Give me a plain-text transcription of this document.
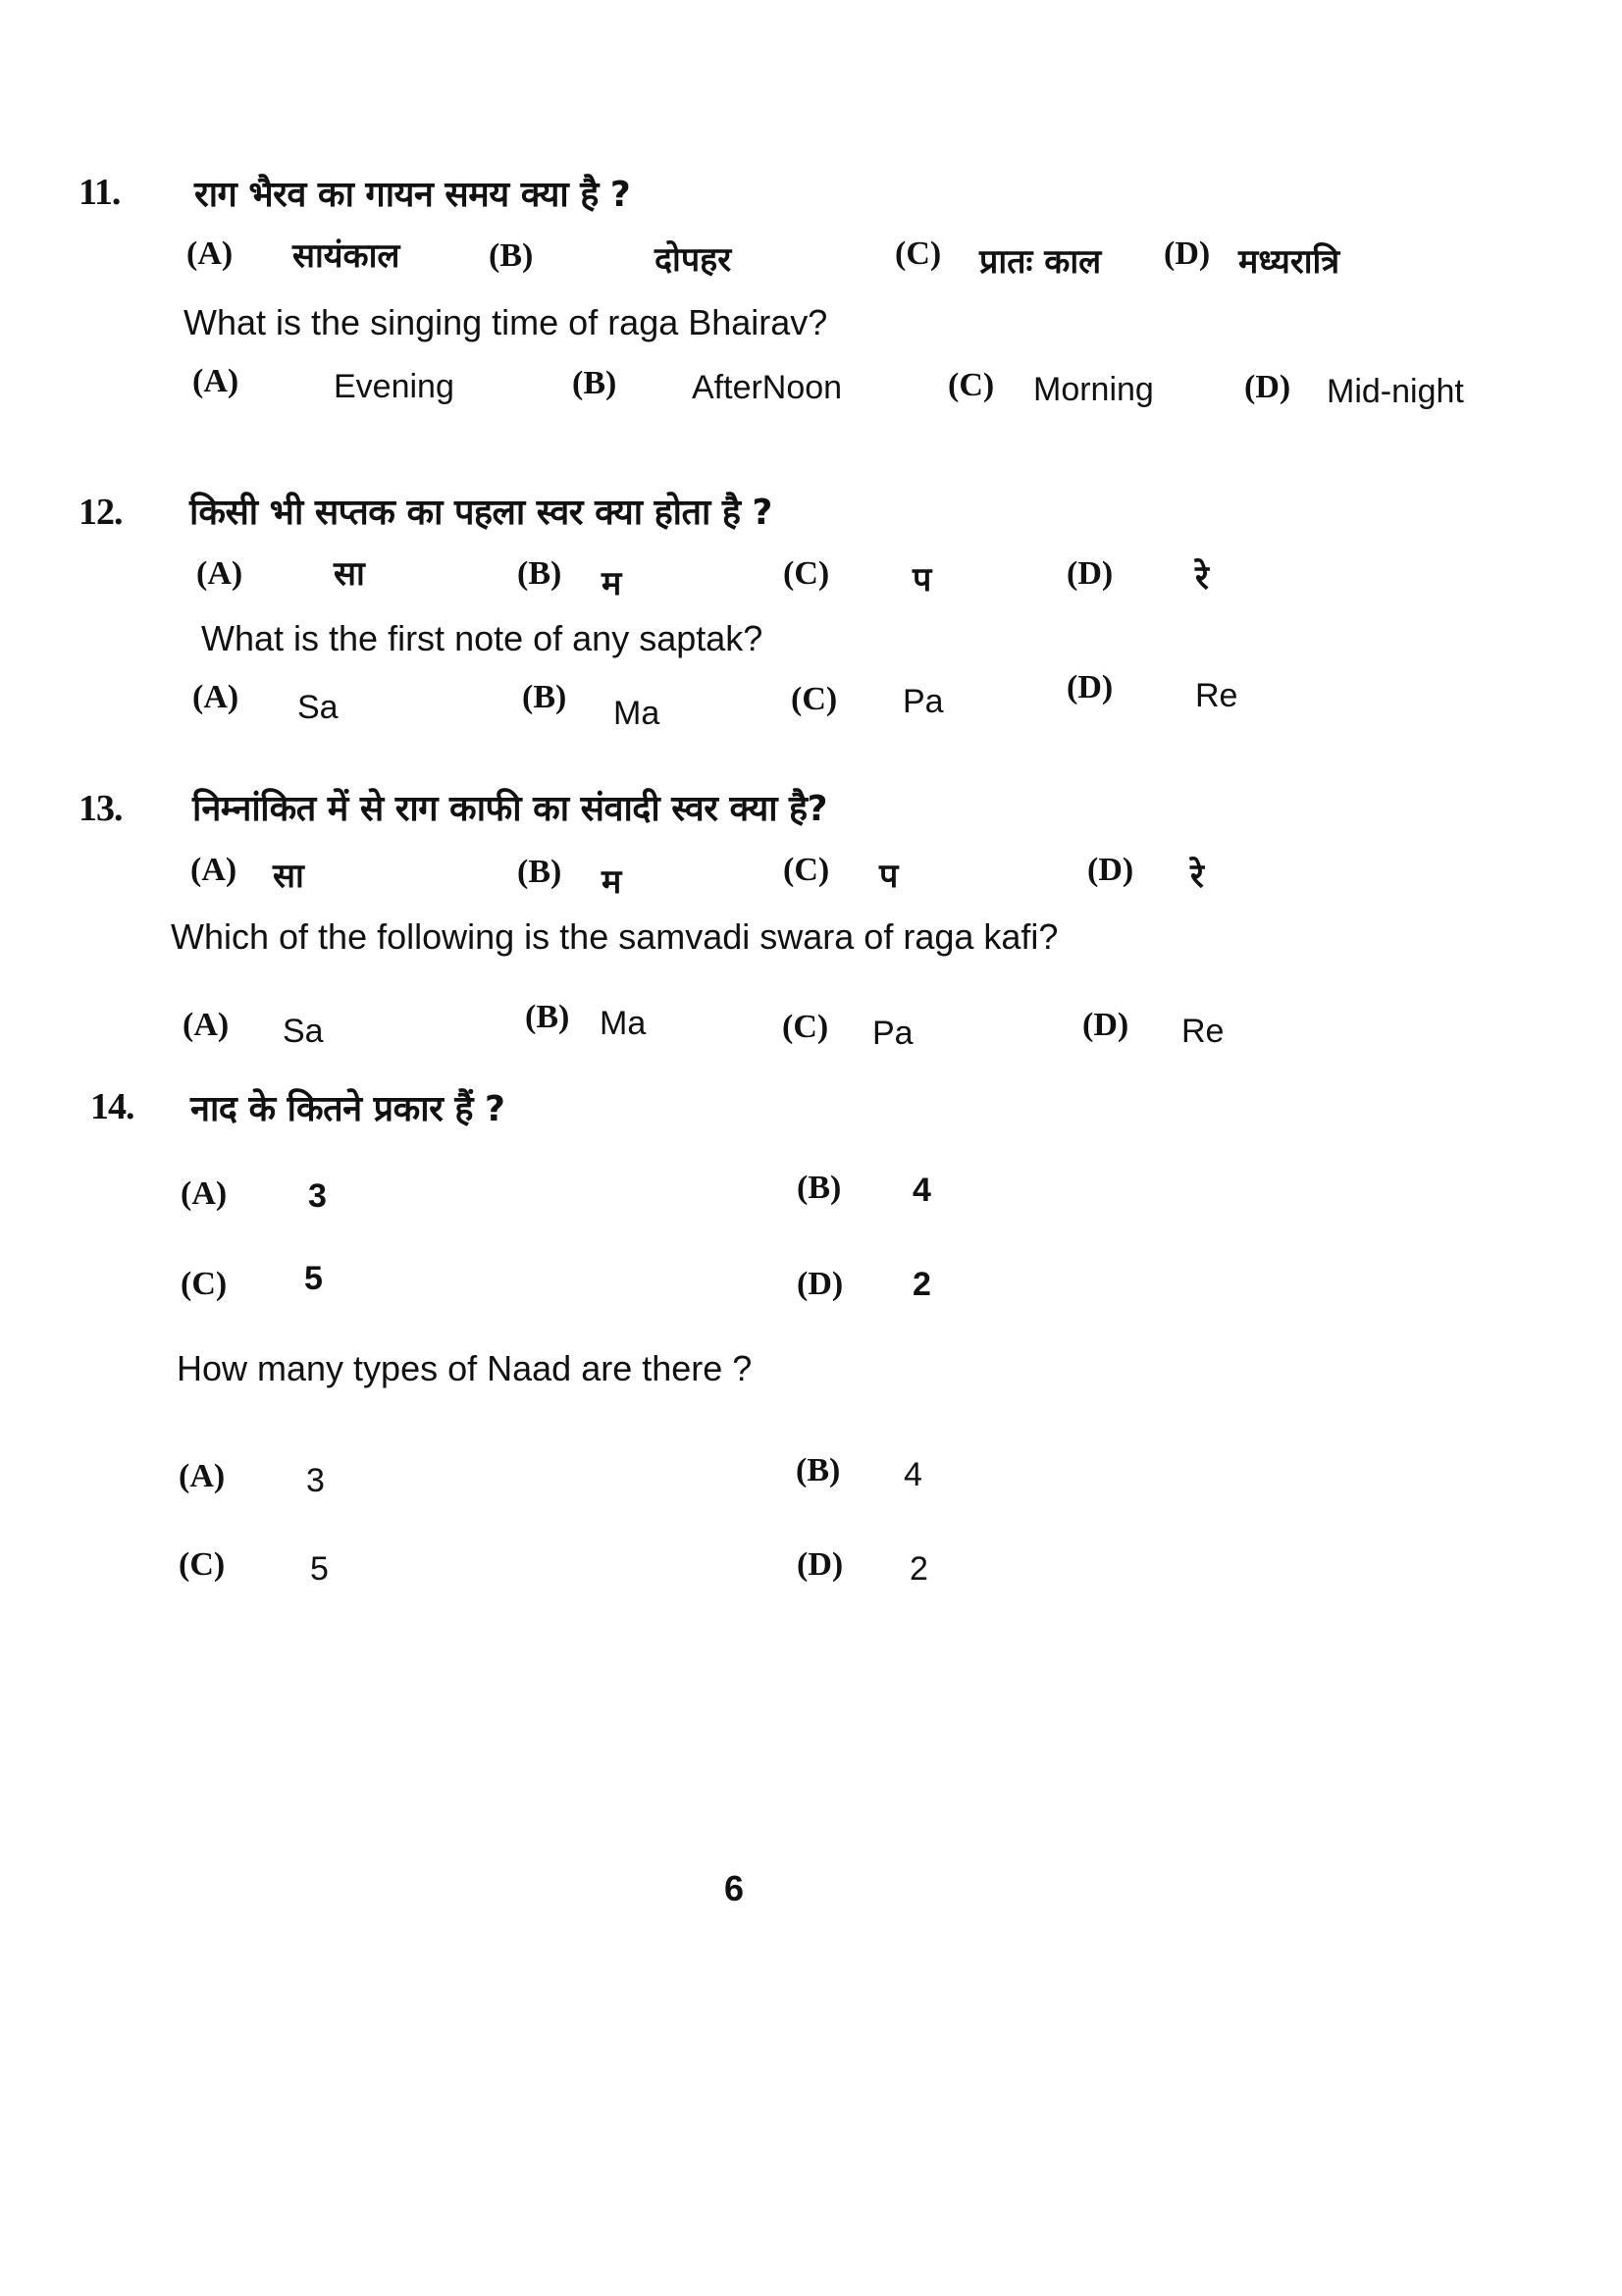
11. राग भैरव का गायन समय क्या है ?
(A) सायंकाल	(B)	दोपहर	(C) प्रातः काल (D) मध्यरात्रि
What is the singing time of raga Bhairav?
(A)	Evening	(B) AfterNoon	(C) Morning	(D) Mid-night
12. किसी भी सप्तक का पहला स्वर क्या होता है ?
(A)	सा	(B) म	(C) प	(D) रे
What is the first note of any saptak?
(A) Sa	(B) Ma	(C) Pa	(D) Re
13. निम्नांकित में से राग काफी का संवादी स्वर क्या है?
(A) सा	(B) म	(C) प	(D) रे
Which of the following is the samvadi swara of raga kafi?
(A) Sa	(B) Ma	(C) Pa	(D) Re
14. नाद के कितने प्रकार हैं ?
(A) 3	(B) 4
(C) 5	(D) 2
How many types of Naad are there ?
(A) 3	(B) 4
(C)	5	(D) 2
6
